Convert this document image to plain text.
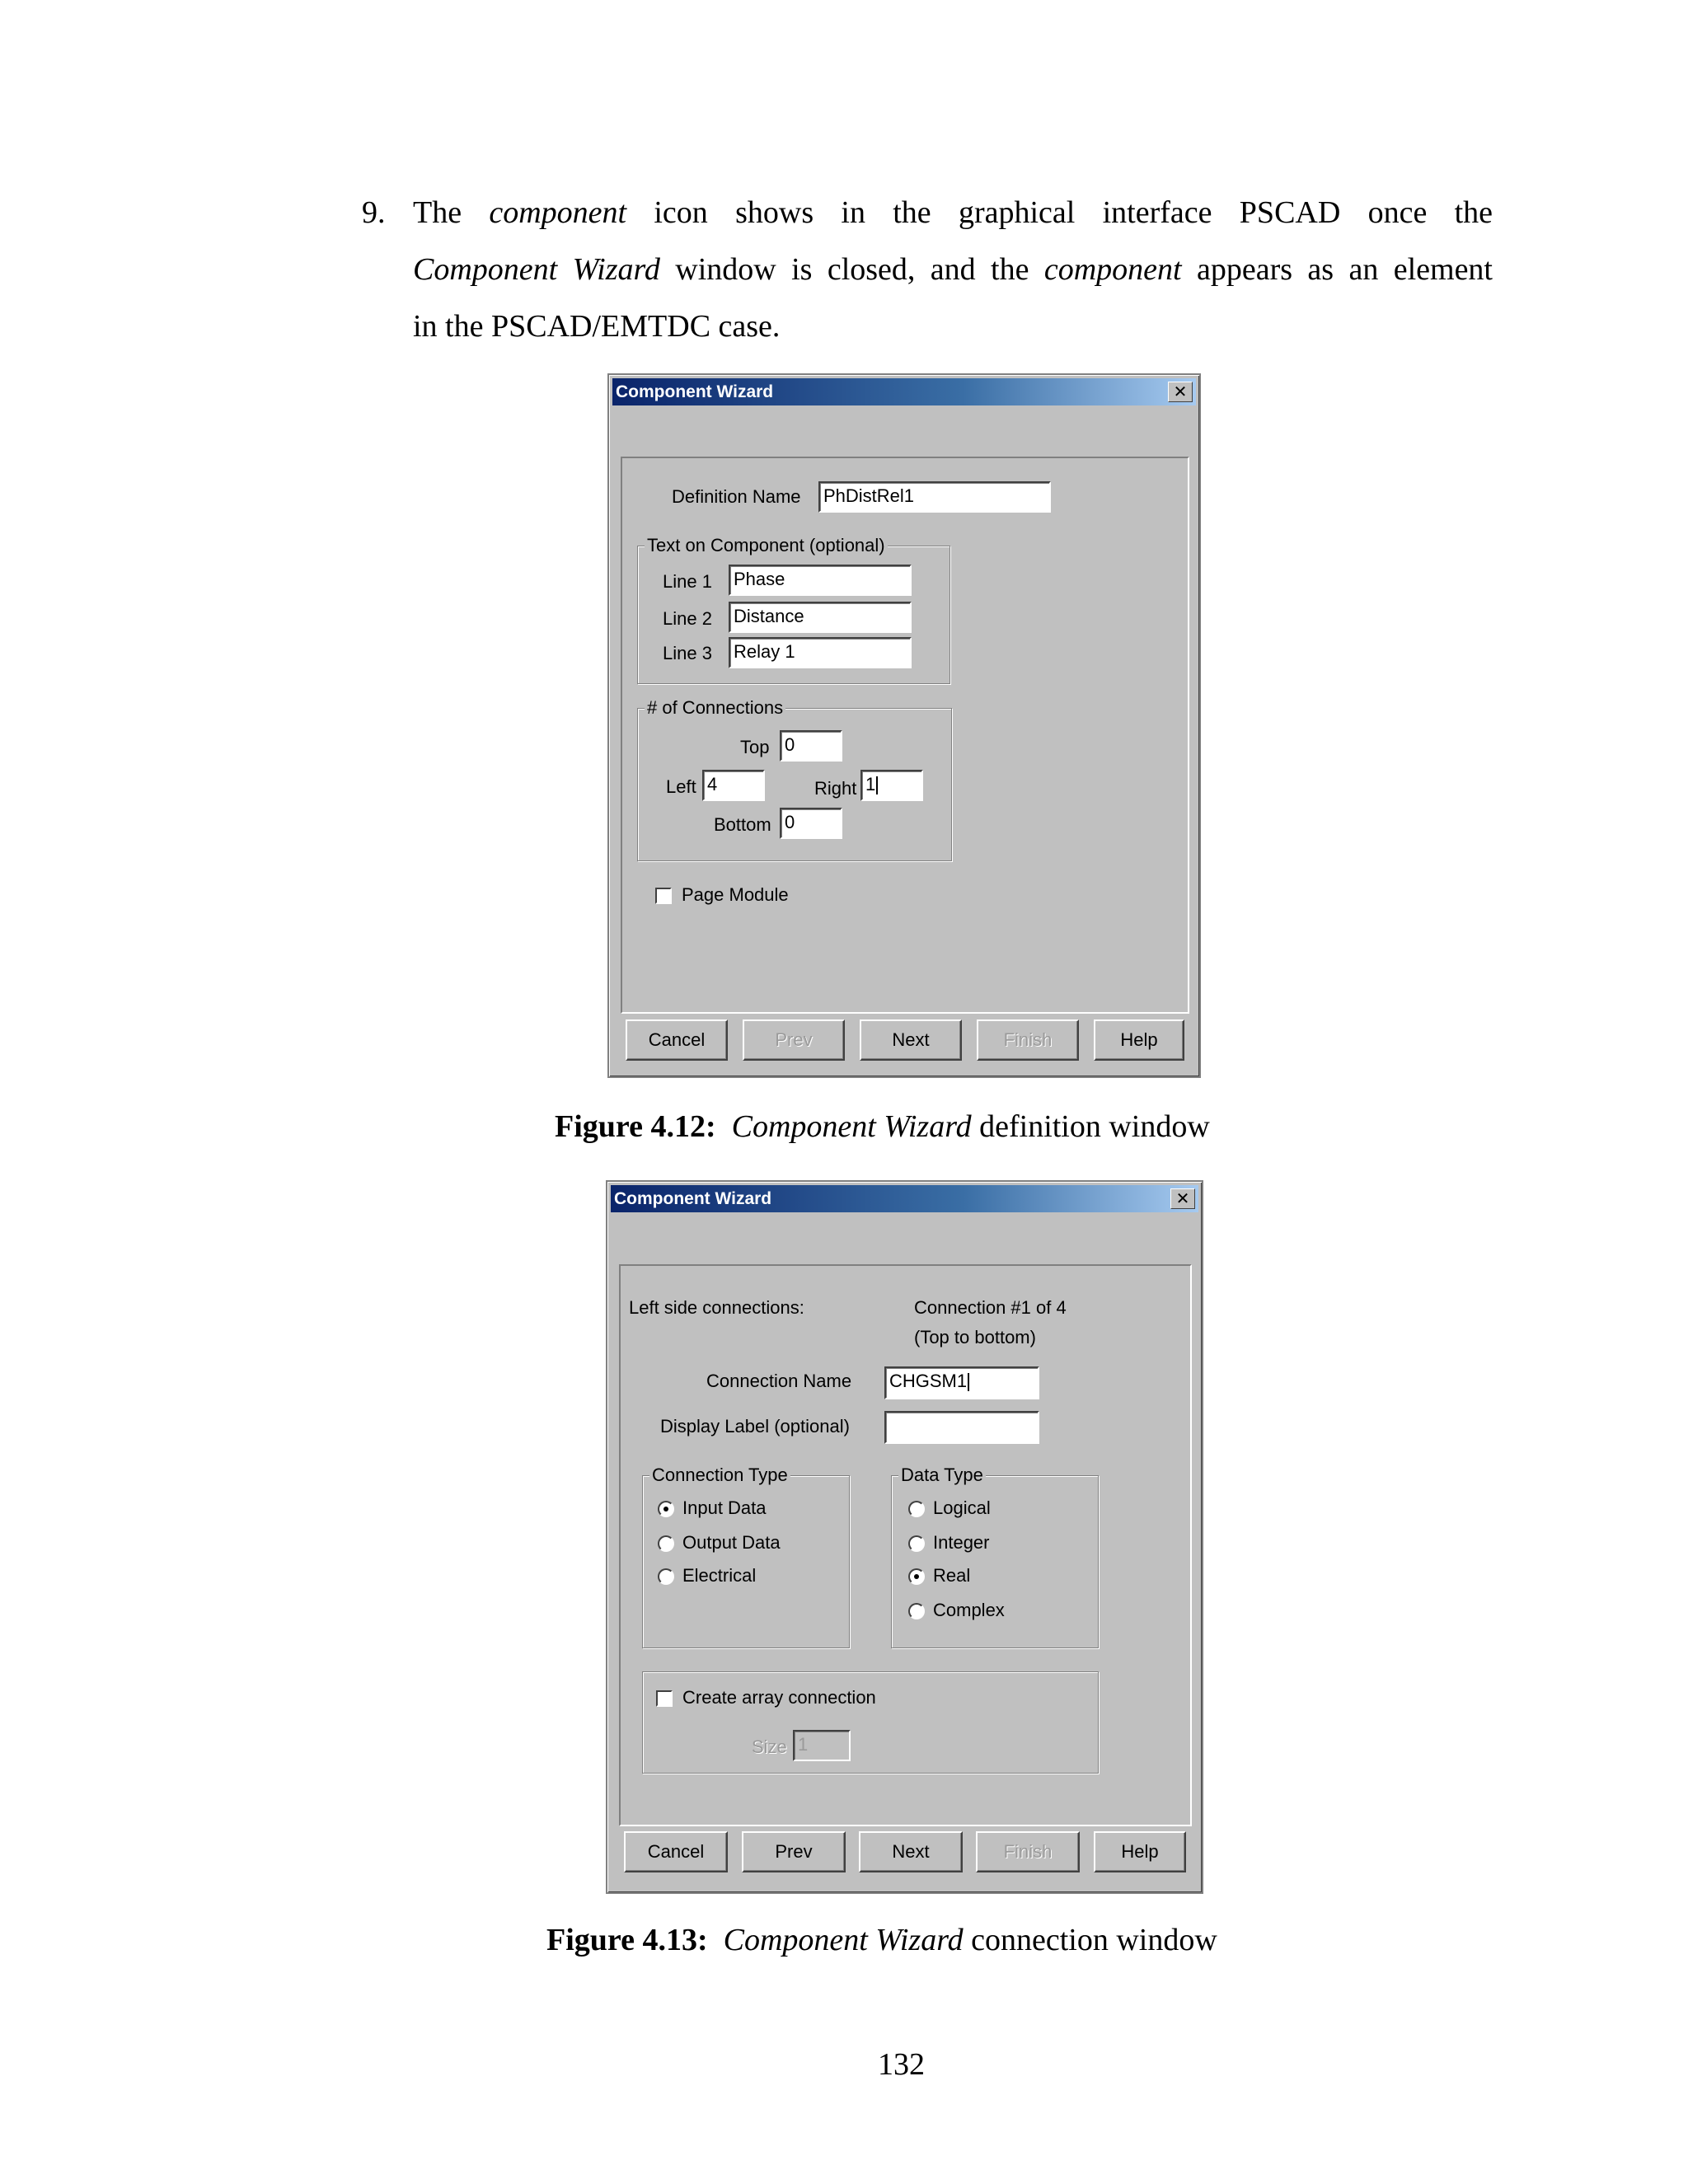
9. The component icon shows in the graphical interface PSCAD once the
Component Wizard window is closed, and the component appears as an element
in the PSCAD/EMTDC case.
Component Wizard	✕
Definition Name PhDistRel1
Text on Component (optional)
Line 1 Phase
Line 2 Distance
Line 3 Relay 1
# of Connections
Top 0
Left 4	Right 1
Bottom 0
Page Module
Cancel	Prev	Next	Finish	Help
Figure 4.12: Component Wizard definition window
Component Wizard	✕
Left side connections:	Connection #1 of 4
(Top to bottom)
Connection Name CHGSM1
Display Label (optional)
Connection Type
Input Data
Output Data
Electrical
Data Type
Logical
Integer
Real
Complex
Create array connection
Size 1
Cancel	Prev	Next	Finish	Help
Figure 4.13: Component Wizard connection window
132
